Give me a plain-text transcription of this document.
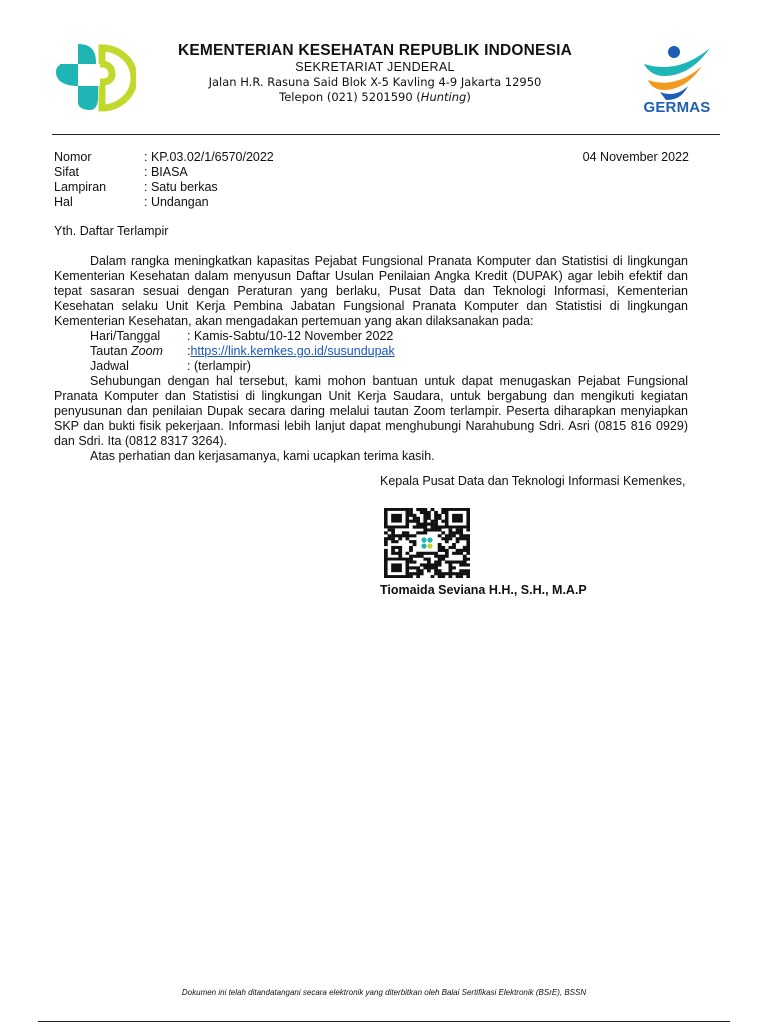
KEMENTERIAN KESEHATAN REPUBLIK INDONESIA
SEKRETARIAT JENDERAL
Jalan H.R. Rasuna Said Blok X-5 Kavling 4-9 Jakarta 12950
Telepon (021) 5201590 (Hunting)
GERMAS
Nomor	: KP.03.02/1/6570/2022
Sifat	: BIASA
Lampiran	: Satu berkas
Hal	: Undangan
04 November 2022
Yth. Daftar Terlampir

Dalam rangka meningkatkan kapasitas Pejabat Fungsional Pranata Komputer dan Statistisi di lingkungan Kementerian Kesehatan dalam menyusun Daftar Usulan Penilaian Angka Kredit (DUPAK) agar lebih efektif dan tepat sasaran sesuai dengan Peraturan yang berlaku, Pusat Data dan Teknologi Informasi, Kementerian Kesehatan selaku Unit Kerja Pembina Jabatan Fungsional Pranata Komputer dan Statistisi di lingkungan Kementerian Kesehatan, akan mengadakan pertemuan yang akan dilaksanakan pada:

Hari/Tanggal	: Kamis-Sabtu/10-12 November 2022
Tautan Zoom	: https://link.kemkes.go.id/susundupak
Jadwal	: (terlampir)

Sehubungan dengan hal tersebut, kami mohon bantuan untuk dapat menugaskan Pejabat Fungsional Pranata Komputer dan Statistisi di lingkungan Unit Kerja Saudara, untuk bergabung dan mengikuti kegiatan penyusunan dan penilaian Dupak secara daring melalui tautan Zoom terlampir. Peserta diharapkan menyiapkan SKP dan bukti fisik pekerjaan. Informasi lebih lanjut dapat menghubungi Narahubung Sdri. Asri (0815 816 0929) dan Sdri. Ita (0812 8317 3264).

Atas perhatian dan kerjasamanya, kami ucapkan terima kasih.

Kepala Pusat Data dan Teknologi Informasi Kemenkes,
Tiomaida Seviana H.H., S.H., M.A.P
Dokumen ini telah ditandatangani secara elektronik yang diterbitkan oleh Balai Sertifikasi Elektronik (BSrE), BSSN
